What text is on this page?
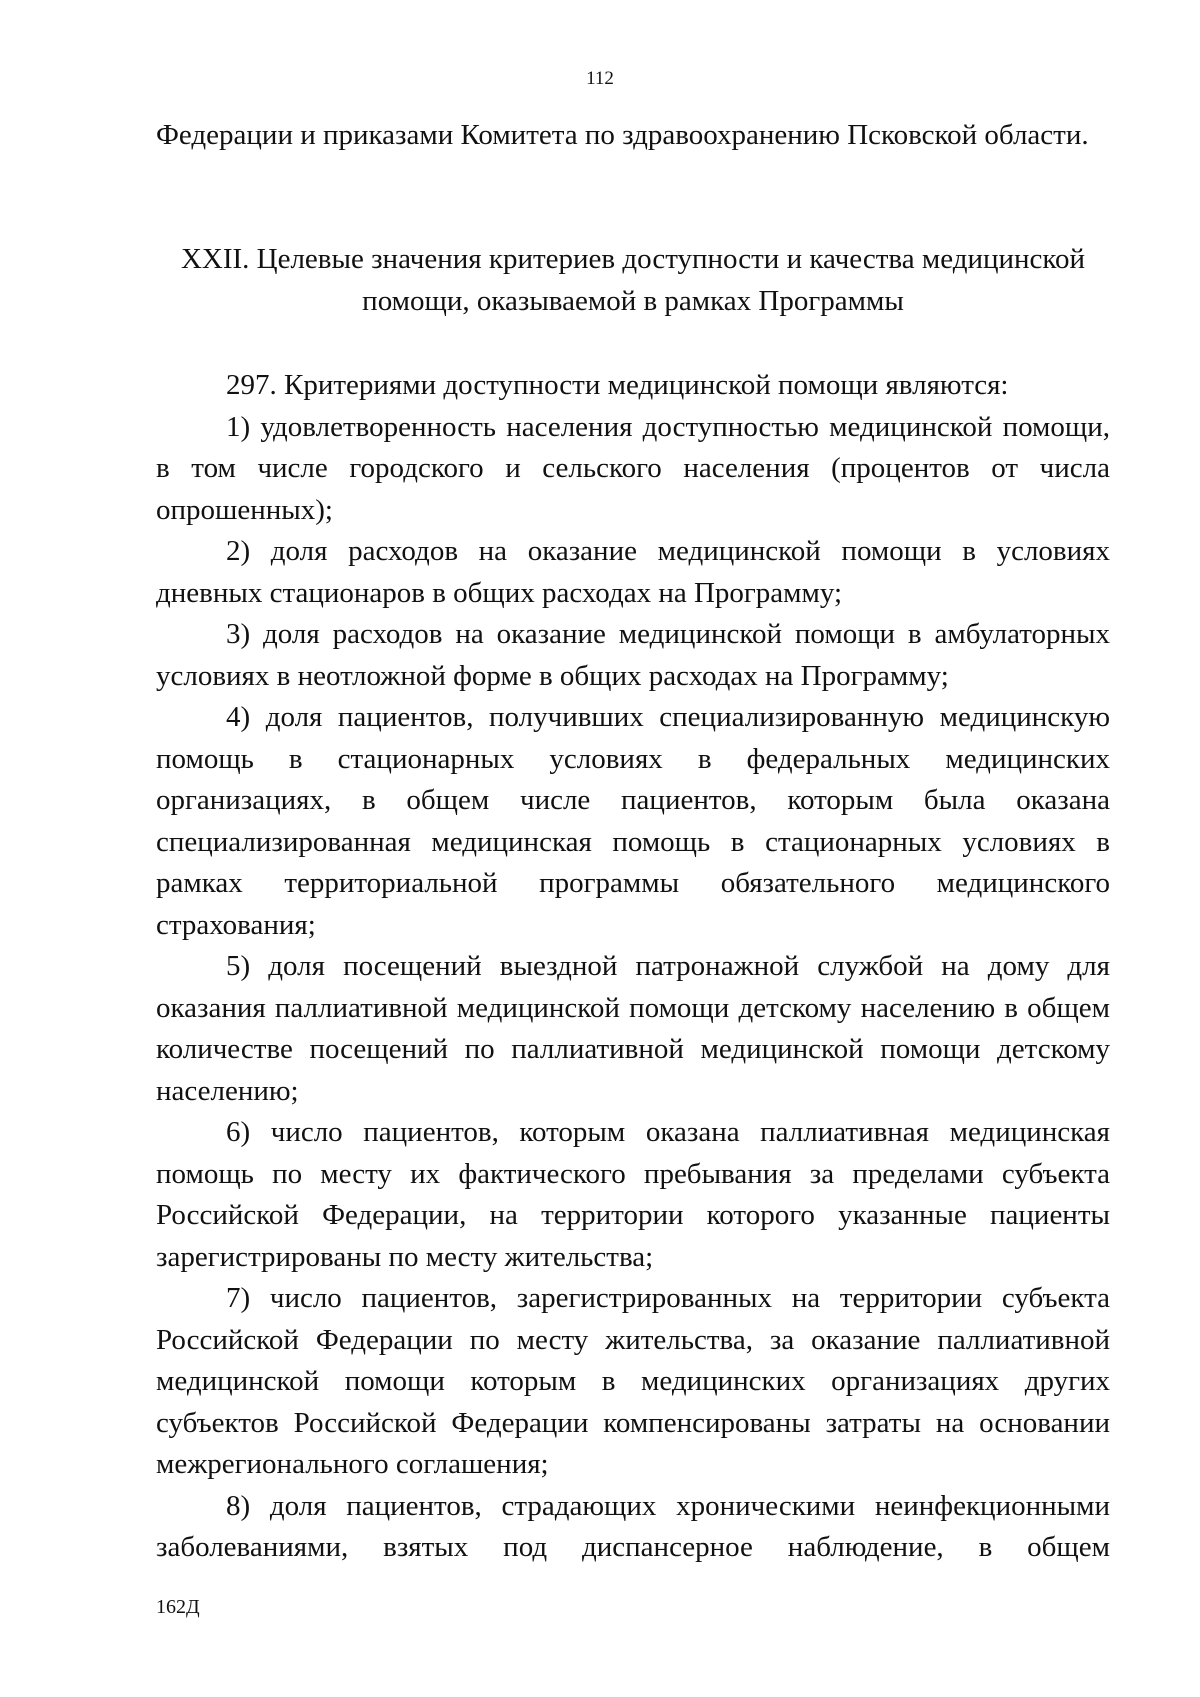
112

Федерации и приказами Комитета по здравоохранению Псковской области.

XXII. Целевые значения критериев доступности и качества медицинской
помощи, оказываемой в рамках Программы

297. Критериями доступности медицинской помощи являются:

1) удовлетворенность населения доступностью медицинской помощи, в том числе городского и сельского населения (процентов от числа опрошенных);

2) доля расходов на оказание медицинской помощи в условиях дневных стационаров в общих расходах на Программу;

3) доля расходов на оказание медицинской помощи в амбулаторных условиях в неотложной форме в общих расходах на Программу;

4) доля пациентов, получивших специализированную медицинскую помощь в стационарных условиях в федеральных медицинских организациях, в общем числе пациентов, которым была оказана специализированная медицинская помощь в стационарных условиях в рамках территориальной программы обязательного медицинского страхования;

5) доля посещений выездной патронажной службой на дому для оказания паллиативной медицинской помощи детскому населению в общем количестве посещений по паллиативной медицинской помощи детскому населению;

6) число пациентов, которым оказана паллиативная медицинская помощь по месту их фактического пребывания за пределами субъекта Российской Федерации, на территории которого указанные пациенты зарегистрированы по месту жительства;

7) число пациентов, зарегистрированных на территории субъекта Российской Федерации по месту жительства, за оказание паллиативной медицинской помощи которым в медицинских организациях других субъектов Российской Федерации компенсированы затраты на основании межрегионального соглашения;

8) доля пациентов, страдающих хроническими неинфекционными заболеваниями, взятых под диспансерное наблюдение, в общем

162Д
